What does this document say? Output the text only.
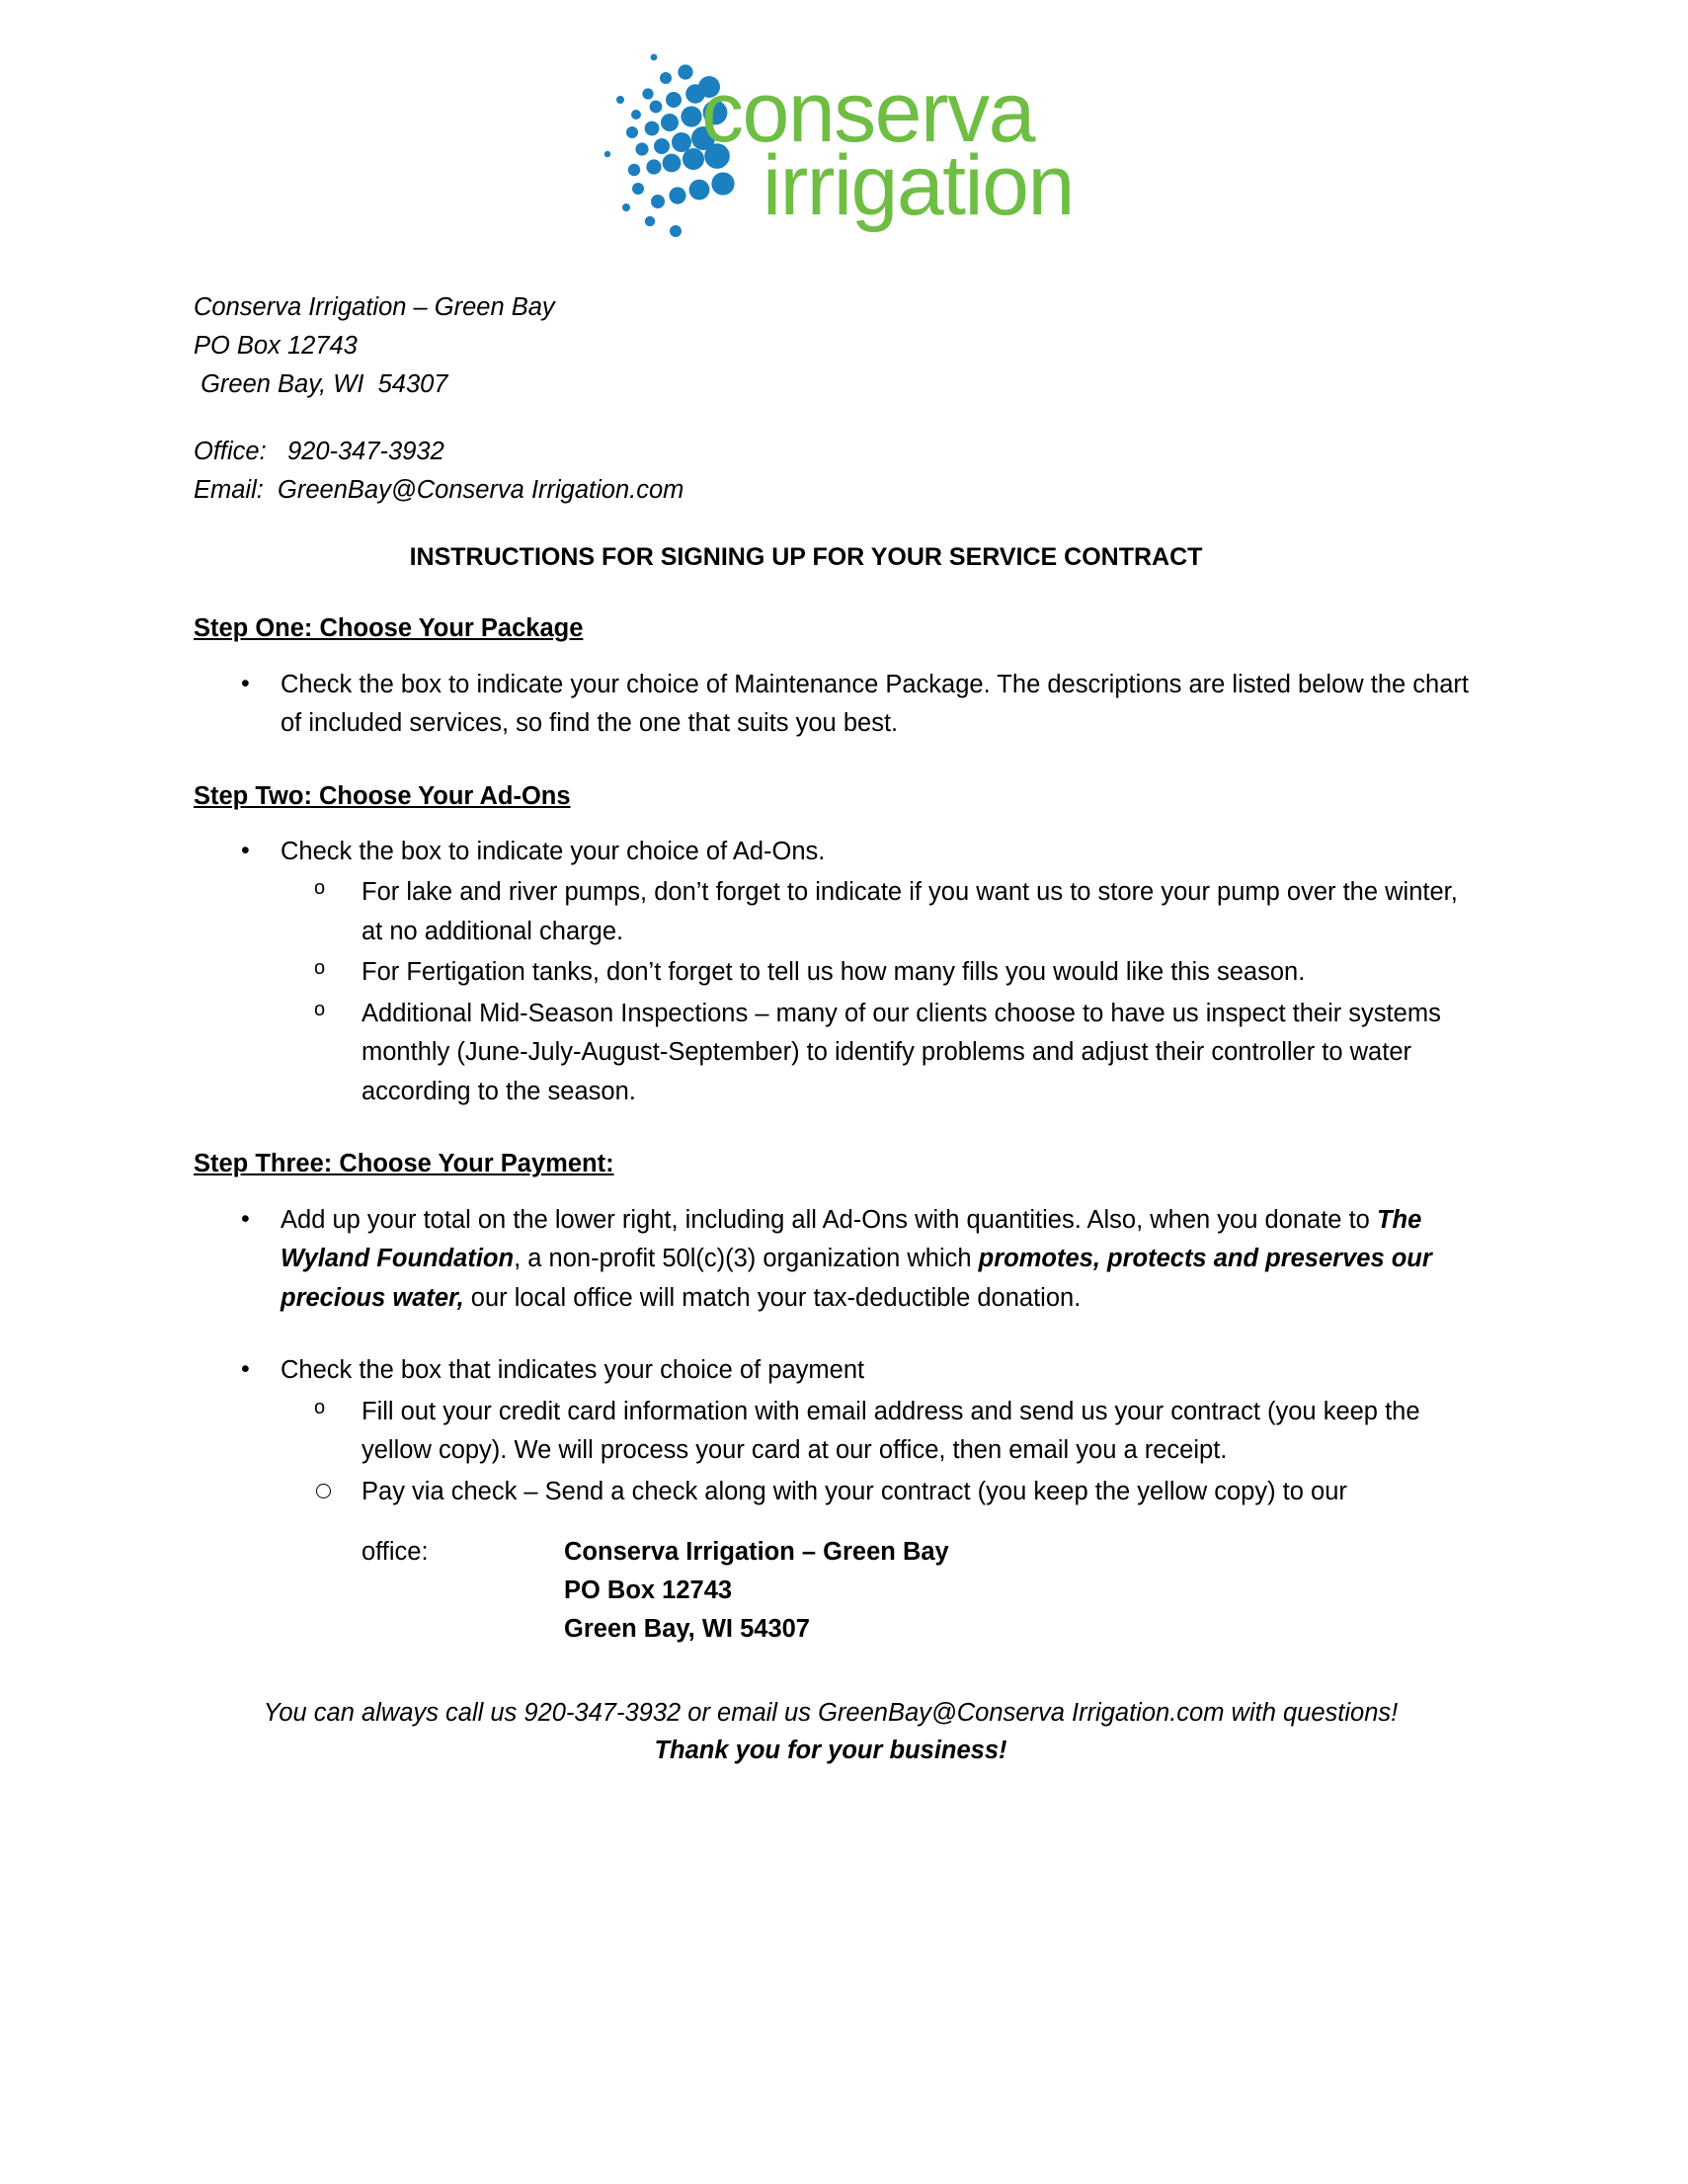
conserva
irrigation
Conserva Irrigation – Green Bay
PO Box 12743
Green Bay, WI  54307
Office: 920-347-3932
Email: GreenBay@Conserva Irrigation.com
INSTRUCTIONS FOR SIGNING UP FOR YOUR SERVICE CONTRACT
Step One: Choose Your Package
• Check the box to indicate your choice of Maintenance Package. The descriptions are listed below the chart of included services, so find the one that suits you best.
Step Two: Choose Your Ad-Ons
• Check the box to indicate your choice of Ad-Ons.
o For lake and river pumps, don’t forget to indicate if you want us to store your pump over the winter, at no additional charge.
o For Fertigation tanks, don’t forget to tell us how many fills you would like this season.
o Additional Mid-Season Inspections – many of our clients choose to have us inspect their systems monthly (June-July-August-September) to identify problems and adjust their controller to water according to the season.
Step Three: Choose Your Payment:
• Add up your total on the lower right, including all Ad-Ons with quantities. Also, when you donate to The Wyland Foundation, a non-profit 50l(c)(3) organization which promotes, protects and preserves our precious water, our local office will match your tax-deductible donation.
• Check the box that indicates your choice of payment
o Fill out your credit card information with email address and send us your contract (you keep the yellow copy). We will process your card at our office, then email you a receipt.
Pay via check – Send a check along with your contract (you keep the yellow copy) to our
office:	Conserva Irrigation – Green Bay
PO Box 12743
Green Bay, WI 54307
You can always call us 920-347-3932 or email us GreenBay@Conserva Irrigation.com with questions!
Thank you for your business!
